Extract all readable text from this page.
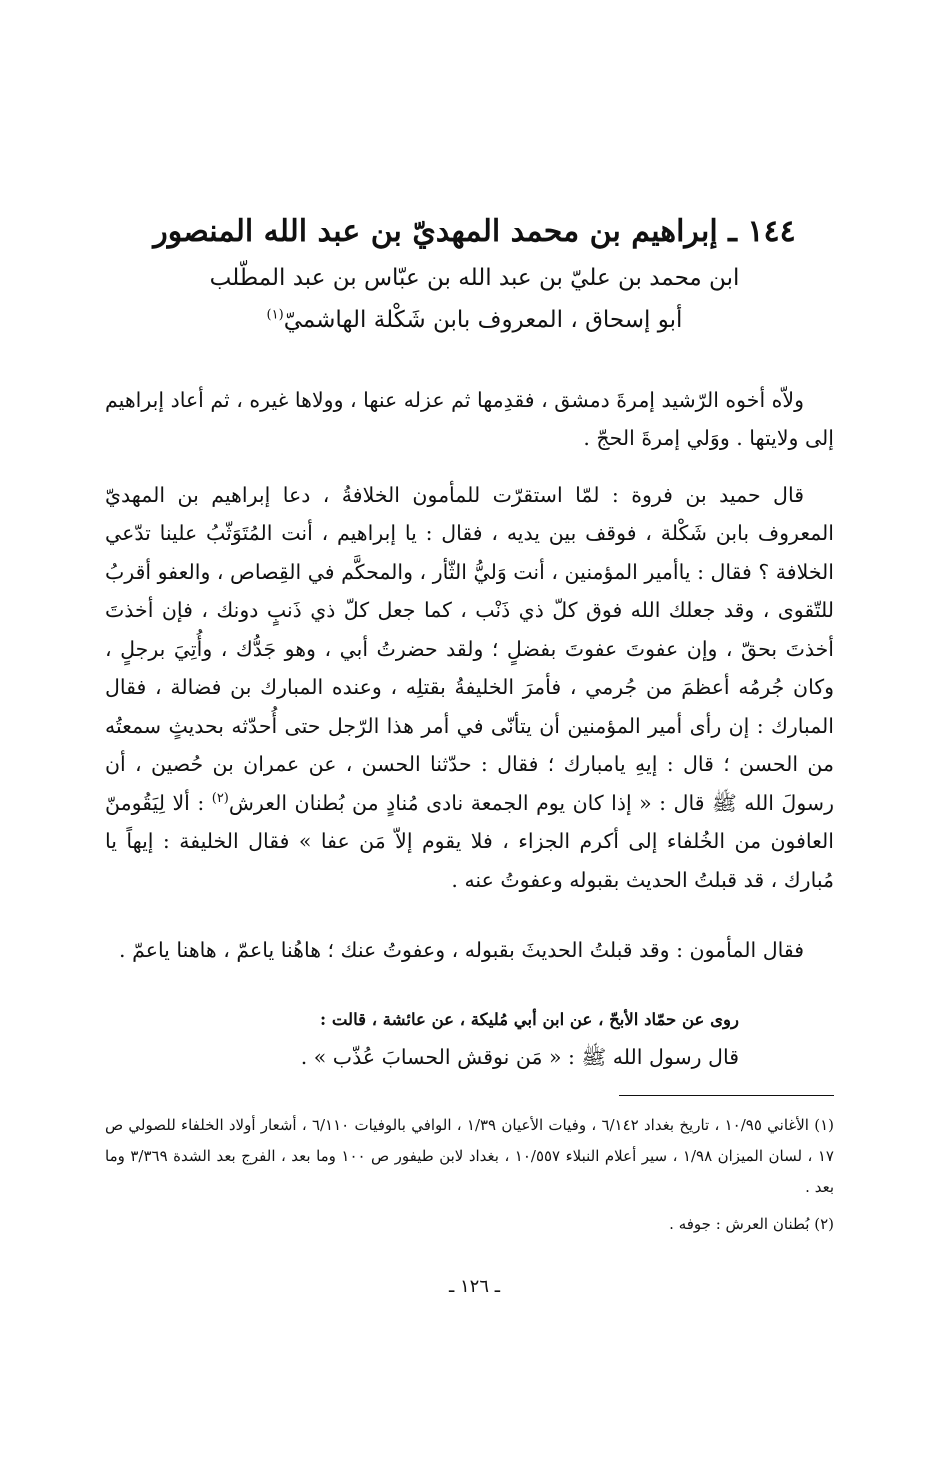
١٤٤ ـ إبراهيم بن محمد المهديّ بن عبد الله المنصور
ابن محمد بن عليّ بن عبد الله بن عبّاس بن عبد المطّلب
أبو إسحاق ، المعروف بابن شَكْلة الهاشميّ$^{(١)}$

ولاّه أخوه الرّشيد إمرةَ دمشق ، فقدِمها ثم عزله عنها ، وولاها غيره ، ثم أعاد إبراهيم إلى ولايتها . ووَلي إمرةَ الحجّ .

قال حميد بن فروة : لمّا استقرّت للمأمون الخلافةُ ، دعا إبراهيم بن المهديّ المعروف بابن شَكْلة ، فوقف بين يديه ، فقال : يا إبراهيم ، أنت المُتَوَثّبُ علينا تدّعي الخلافة ؟ فقال : ياأمير المؤمنين ، أنت وَليُّ الثّأر ، والمحكَّم في القِصاص ، والعفو أقربُ للتّقوى ، وقد جعلك الله فوق كلّ ذي ذَنْب ، كما جعل كلّ ذي ذَنبٍ دونك ، فإن أخذتَ أخذتَ بحقّ ، وإن عفوتَ عفوتَ بفضلٍ ؛ ولقد حضرتُ أبي ، وهو جَدُّك ، وأُتِيَ برجلٍ ، وكان جُرمُه أعظمَ من جُرمي ، فأمرَ الخليفةُ بقتلِه ، وعنده المبارك بن فضالة ، فقال المبارك : إن رأى أمير المؤمنين أن يتأنّى في أمر هذا الرّجل حتى أُحدّثه بحديثٍ سمعتُه من الحسن ؛ قال : إيهِ يامبارك ؛ فقال : حدّثنا الحسن ، عن عمران بن حُصين ، أن رسولَ الله ﷺ قال : « إذا كان يوم الجمعة نادى مُنادٍ من بُطنان العرش$^{(٢)}$ : ألا لِيَقُومنّ العافون من الخُلفاء إلى أكرم الجزاء ، فلا يقوم إلاّ مَن عفا » فقال الخليفة : إيهاً يا مُبارك ، قد قبلتُ الحديث بقبوله وعفوتُ عنه .

فقال المأمون : وقد قبلتُ الحديثَ بقبوله ، وعفوتُ عنك ؛ هاهُنا ياعمّ ، هاهنا ياعمّ .

روى عن حمّاد الأبحّ ، عن ابن أبي مُليكة ، عن عائشة ، قالت :
قال رسول الله ﷺ : « مَن نوقش الحسابَ عُذّب » .

(١) الأغاني ١٠/٩٥ ، تاريخ بغداد ٦/١٤٢ ، وفيات الأعيان ١/٣٩ ، الوافي بالوفيات ٦/١١٠ ، أشعار أولاد الخلفاء للصولي ص ١٧ ، لسان الميزان ١/٩٨ ، سير أعلام النبلاء ١٠/٥٥٧ ، بغداد لابن طيفور ص ١٠٠ وما بعد ، الفرج بعد الشدة ٣/٣٦٩ وما بعد .

(٢) بُطنان العرش : جوفه .

ـ ١٢٦ ـ
